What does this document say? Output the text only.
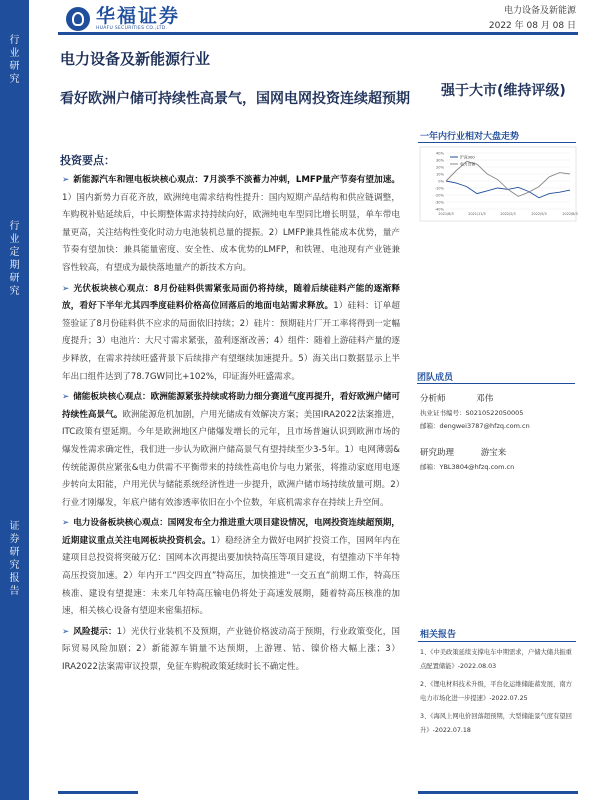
行业研究
行业定期研究
证券研究报告
华福证券
HUAFU SECURITIES CO.,LTD.
电力设备及新能源
2022 年 08 月 08 日
电力设备及新能源行业
看好欧洲户储可持续性高景气，国网电网投资连续超预期 强于大市(维持评级)
一年内行业相对大盘走势
40%
30%
20%
10%
0%
-10%
-20%
-30%
-40%
2021/8/3	2021/11/3	2022/2/3	2022/5/3	2022/8/3
沪深300
电力设备
投资要点：

➢ 新能源汽车和锂电板块核心观点：7月淡季不淡蓄力冲刺，LMFP量产节奏有望加速。1）国内新势力百花齐放，欧洲纯电需求结构性提升：国内短期产品结构和供应链调整，车购税补贴延续后，中长期整体需求持持续向好，欧洲纯电车型同比增长明显，单车带电量更高，关注结构性变化时动力电池装机总量的提振。2）LMFP兼具性能成本优势，量产节奏有望加快：兼具能量密度、安全性、成本优势的LMFP，和铁锂、电池现有产业链兼容性较高，有望成为最快落地量产的新技术方向。

➢ 光伏板块核心观点：8月份硅料供需紧张局面仍将持续，随着后续硅料产能的逐渐释放，看好下半年尤其四季度硅料价格高位回落后的地面电站需求释放。1）硅料：订单超签验证了8月份硅料供不应求的局面依旧持续；2）硅片：预期硅片厂开工率将得到一定幅度提升；3）电池片：大尺寸需求紧张，盈利逐渐改善；4）组件：随着上游硅料产量的逐步释放，在需求持续旺盛背景下后续排产有望继续加速提升。5）海关出口数据显示上半年出口组件达到了78.7GW同比+102%，印证海外旺盛需求。

➢ 储能板块核心观点：欧洲能源紧张持续或将助力细分赛道气度再提升，看好欧洲户储可持续性高景气。欧洲能源危机加剧，户用光储成有效解决方案；美国IRA2022法案推进，ITC政策有望延期。今年是欧洲地区户储爆发增长的元年，且市场普遍认识到欧洲市场的爆发性需求确定性，我们进一步认为欧洲户储高景气有望持续至少3-5年。1）电网薄弱&传统能源供应紧张&电力供需不平衡带来的持续性高电价与电力紧张，将推动家庭用电逐步转向太阳能，户用光伏与储能系统经济性进一步提升，欧洲户储市场持续放量可期。2）行业才刚爆发，年底户储有效渗透率依旧在小个位数，年底机需求存在持续上升空间。

➢ 电力设备板块核心观点：国网发布全力推进重大项目建设情况，电网投资连续超预期，近期建议重点关注电网板块投资机会。1）稳经济全力做好电网扩投资工作，国网年内在建项目总投资将突破万亿：国网本次再提出要加快特高压等项目建设，有望推动下半年特高压投资加速。2）年内开工“四交四直”特高压，加快推进“一交五直”前期工作，特高压核准、建设有望提速：未来几年特高压输电仍将处于高速发展期，随着特高压核准的加速，相关核心设备有望迎来密集招标。

➢ 风险提示：1）光伏行业装机不及预期，产业链价格波动高于预期，行业政策变化，国际贸易风险加剧；2）新能源车销量不达预期，上游锂、钴、镍价格大幅上涨；3）IRA2022法案需审议投票，免征车购税政策延续时长不确定性。

团队成员
分析师	邓伟
执业证书编号：S0210522050005
邮箱：dengwei3787@hfzq.com.cn
研究助理	游宝来
邮箱：YBL3804@hfzq.com.cn
相关报告
1、《中美政策延续支撑电车中期需求，户储大储共振重点配置储能》-2022.08.03
2、《锂电材料技术升级，平台化运维储能蓄发展，南方电力市场化进一步提速》-2022.07.25
3、《海风上网电价回落超预期，大型储能景气度有望回升》-2022.07.18
